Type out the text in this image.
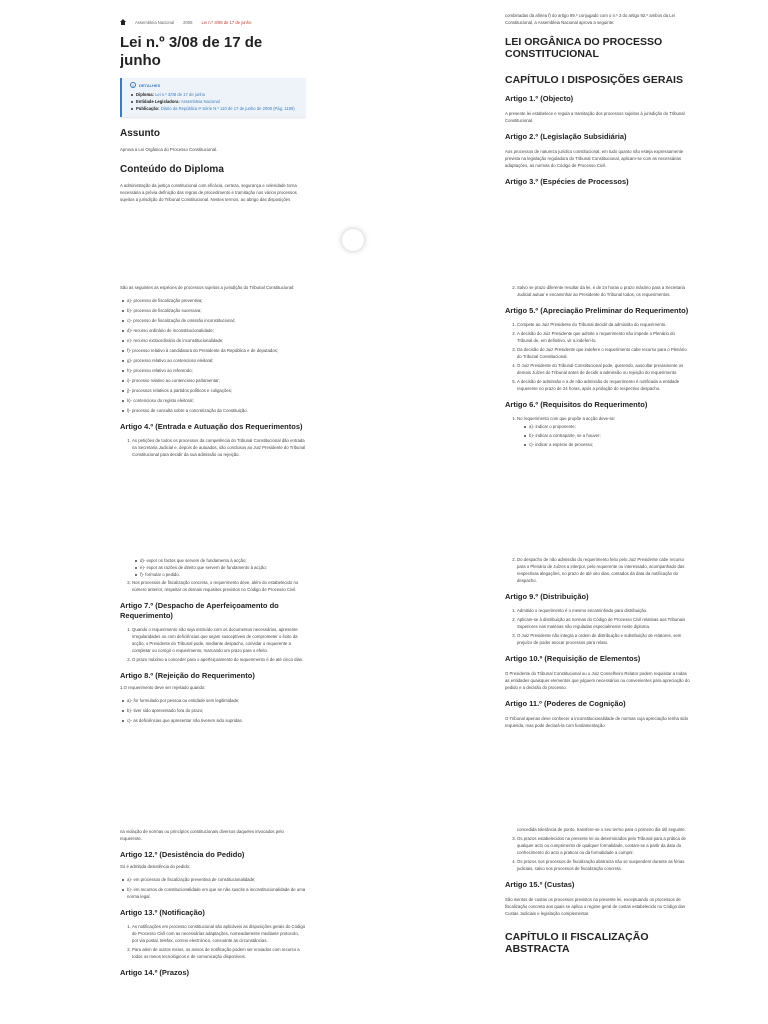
Assembleia Nacional 2008 Lei n.º 3/08 de 17 de junho
Lei n.º 3/08 de 17 de junho
i	DETALHES
Diploma: Lei n.º 3/08 de 17 de junho
Entidade Legisladora: Assembleia Nacional
Publicação: Diário da República Iª Série N.º 110 de 17 de junho de 2008 (Pág. 1189)
Assunto

Aprova a Lei Orgânica do Processo Constitucional.

Conteúdo do Diploma

A administração da justiça constitucional com eficácia, certeza, segurança e celeridade torna necessária a prévia definição das regras de procedimento e tramitação nos vários processos sujeitos a jurisdição do Tribunal Constitucional. Nestes termos, ao abrigo das disposições

São as seguintes as espécies de processos sujeitos a jurisdição do Tribunal Constitucional:

a)- processo de fiscalização preventiva;
b)- processo de fiscalização sucessiva;
c)- processo de fiscalização de omissão inconstitucional;
d)- recurso ordinário de inconstitucionalidade;
e)- recurso extraordinário de inconstitucionalidade;
f)- processo relativo à candidatura do Presidente da República e de deputados;
g)- processo relativo ao contencioso eleitoral;
h)- processo relativo ao referendo;
i)- processo relativo ao contencioso parlamentar;
j)- processos relativos a partidos políticos e coligações;
k)- contencioso do registo eleitoral;
l)- processo de consulta sobre a concretização da Constituição.
Artigo 4.º (Entrada e Autuação dos Requerimentos)
1. As petições de todos os processos da competência do Tribunal Constitucional dão entrada na Secretaria Judicial e, depois de autuados, são conclusos ao Juiz Presidente do Tribunal Constitucional para decidir da sua admissão ou rejeição.
d)- expor os factos que servem de fundamento à acção;
e)- expor as razões de direito que servem de fundamento à acção;
f)- formular o pedido.
2. Nos processos de fiscalização concreta, o requerimento deve, além do estabelecido no número anterior, respeitar os demais requisitos previstos no Código de Processo Civil.
Artigo 7.º (Despacho de Aperfeiçoamento do Requerimento)
1. Quando o requerimento não seja instruído com os documentos necessários, apresente irregularidades ou com deficiências que sejam susceptíveis de comprometer o êxito da acção, o Presidente do Tribunal pode, mediante despacho, convidar o requerente a completar ou corrigir o requerimento, marcando um prazo para o efeito.
2. O prazo máximo a conceder para o aperfeiçoamento do requerimento é de até cinco dias.
Artigo 8.º (Rejeição do Requerimento)

1.O requerimento deve ser rejeitado quando:

a)- for formulado por pessoa ou entidade sem legitimidade;
b)- tiver sido apresentado fora do prazo;
c)- as deficiências que apresentar não tiverem sido supridas.

na violação de normas ou princípios constitucionais diversos daqueles invocados pelo requerente.

Artigo 12.º (Desistência do Pedido)

Só é admitida desistência do pedido:

a)- em processos de fiscalização preventiva de constitucionalidade;
b)- em recursos de constitucionalidade em que se não suscite a inconstitucionalidade de uma norma legal.
Artigo 13.º (Notificação)
1. As notificações em processo constitucional são aplicáveis as disposições gerais do Código de Processo Civil com as necessárias adaptações, nomeadamente mediante protocolo, por via postal, telefax, correio electrónico, consoante as circunstâncias.
2. Para além de outros meios, os avisos de notificação podem ser enviados com recurso a todos os meios tecnológicos e de comunicação disponíveis.
Artigo 14.º (Prazos)

combinadas da alínea f) do artigo 89.º conjugado com o n.º 3 do artigo 92.º ambos da Lei Constitucional, a Assembleia Nacional aprova a seguinte:

LEI ORGÂNICA DO PROCESSO CONSTITUCIONAL
CAPÍTULO I DISPOSIÇÕES GERAIS
Artigo 1.º (Objecto)

A presente lei estabelece e regula a tramitação dos processos sujeitos à jurisdição do Tribunal Constitucional.

Artigo 2.º (Legislação Subsidiária)

Aos processos de natureza jurídico constitucional, em tudo quanto não esteja expressamente prevista na legislação reguladora do Tribunal Constitucional, aplicam-se com as necessárias adaptações, as normas do Código de Processo Civil.

Artigo 3.º (Espécies de Processos)
2. Salvo se prazo diferente resultar da lei, é de 24 horas o prazo máximo para a Secretaria Judicial autuar e encaminhar ao Presidente do Tribunal todos, os requerimentos.
Artigo 5.º (Apreciação Preliminar do Requerimento)
1. Compete ao Juiz Presidente do Tribunal decidir da admissão do requerimento.
2. A decisão do Juiz Presidente que admite o requerimento não impede o Plenário do Tribunal de, em definitivo, vir a indeferi-lo.
3. Da decisão do Juiz Presidente que indefere o requerimento cabe recurso para o Plenário do Tribunal Constitucional.
4. O Juiz Presidente do Tribunal Constitucional pode, querendo, auscultar previamente os demais Juízes do Tribunal antes de decidir a admissão ou rejeição do requerimento.
5. A decisão de admissão e a de não admissão do requerimento é notificada a entidade requerente no prazo de 24 horas, após a prolação do respectivo despacho.
Artigo 6.º (Requisitos do Requerimento)
1. No requerimento com que propõe a acção deve-se:
a)- indicar o proponente;
b)- indicar a contraparte, se a houver;
c)- indicar a espécie de processo;
2. Do despacho de não admissão do requerimento feito pelo Juiz Presidente cabe recurso para o Plenário de Juízes a interpor, pelo requerente ou interessado, acompanhado das respectivas alegações, no prazo de até oito dias, contados da data da notificação do despacho.
Artigo 9.º (Distribuição)
1. Admitido o requerimento é o mesmo encaminhado para distribuição.
2. Aplicam-se à distribuição as normas do Código de Processo Civil relativas aos Tribunais Superiores nas matérias não reguladas especialmente neste diploma.
3. O Juiz Presidente não integra a ordem de distribuição e substituição de relatores, sem prejuízo de poder avocar processos para relato.
Artigo 10.º (Requisição de Elementos)

O Presidente do Tribunal Constitucional ou o Juiz Conselheiro Relator podem requisitar a todas as entidades quaisquer elementos que julguem necessários ou convenientes para apreciação do pedido e a decisão do processo.

Artigo 11.º (Poderes de Cognição)

O Tribunal apenas deve conhecer a inconstitucionalidade de normas cuja apreciação tenha sido requerida, mas pode declará-la com fundamentação

concedida tolerância de ponto, transfere-se o seu termo para o primeiro dia útil seguinte.
3. Os prazos estabelecidos na presente lei ou determinados pelo Tribunal para a prática de qualquer acto ou cumprimento de qualquer formalidade, contam-se a partir da data do conhecimento do acto a praticar ou da formalidade a cumprir.
4. Os prazos nos processos de fiscalização abstracta não se suspendem durante as férias judiciais, salvo nos processos de fiscalização concreta.
Artigo 15.º (Custas)

São isentos de custas os processos previstos na presente lei, exceptuando os processos de fiscalização concreta aos quais se aplica o regime geral de custas estabelecido no Código das Custas Judiciais e legislação complementar.

CAPÍTULO II FISCALIZAÇÃO ABSTRACTA
